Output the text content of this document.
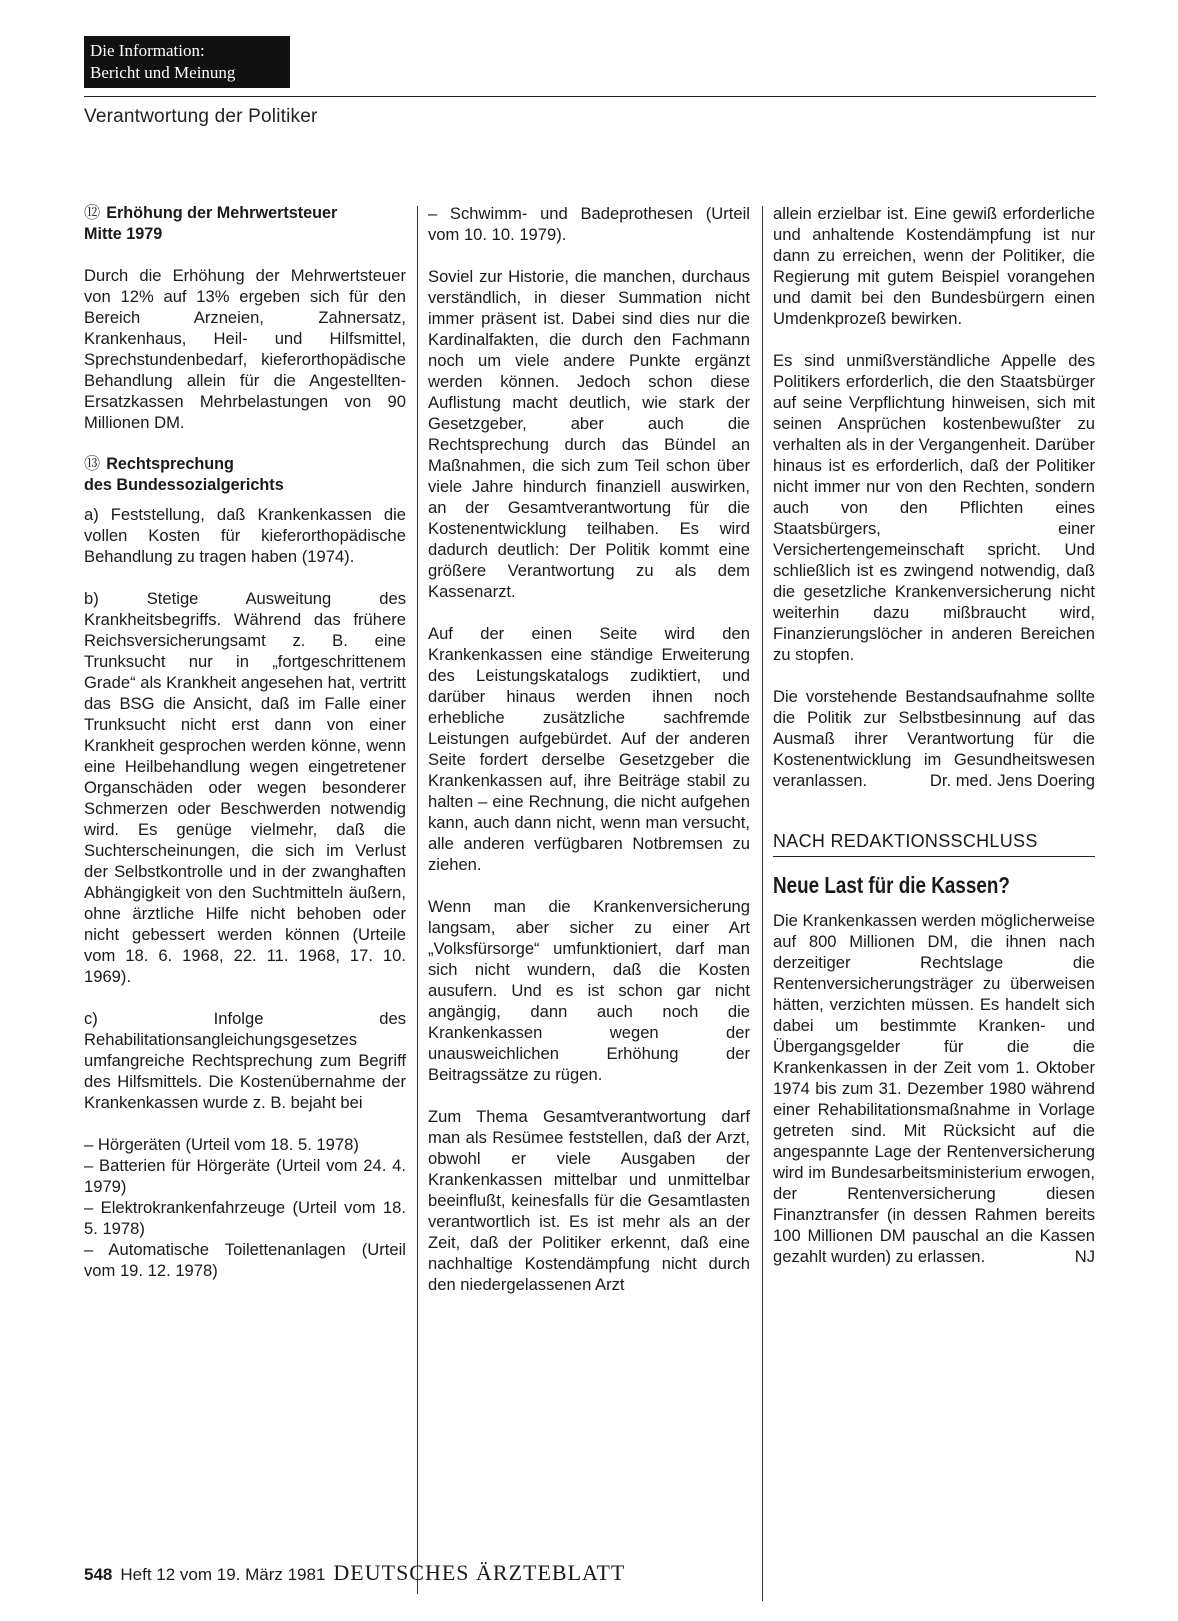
Die Information:
Bericht und Meinung
Verantwortung der Politiker
⑫ Erhöhung der Mehrwertsteuer
Mitte 1979

Durch die Erhöhung der Mehrwertsteuer von 12% auf 13% ergeben sich für den Bereich Arzneien, Zahnersatz, Krankenhaus, Heil- und Hilfsmittel, Sprechstundenbedarf, kieferorthopädische Behandlung allein für die Angestellten-Ersatzkassen Mehrbelastungen von 90 Millionen DM.

⑬ Rechtsprechung
des Bundessozialgerichts

a) Feststellung, daß Krankenkassen die vollen Kosten für kieferorthopädische Behandlung zu tragen haben (1974).

b) Stetige Ausweitung des Krankheitsbegriffs. Während das frühere Reichsversicherungsamt z. B. eine Trunksucht nur in „fortgeschrittenem Grade“ als Krankheit angesehen hat, vertritt das BSG die Ansicht, daß im Falle einer Trunksucht nicht erst dann von einer Krankheit gesprochen werden könne, wenn eine Heilbehandlung wegen eingetretener Organschäden oder wegen besonderer Schmerzen oder Beschwerden notwendig wird. Es genüge vielmehr, daß die Suchterscheinungen, die sich im Verlust der Selbstkontrolle und in der zwanghaften Abhängigkeit von den Suchtmitteln äußern, ohne ärztliche Hilfe nicht behoben oder nicht gebessert werden können (Urteile vom 18. 6. 1968, 22. 11. 1968, 17. 10. 1969).

c) Infolge des Rehabilitationsangleichungsgesetzes umfangreiche Rechtsprechung zum Begriff des Hilfsmittels. Die Kostenübernahme der Krankenkassen wurde z. B. bejaht bei

– Hörgeräten (Urteil vom 18. 5. 1978)
– Batterien für Hörgeräte (Urteil vom 24. 4. 1979)
– Elektrokrankenfahrzeuge (Urteil vom 18. 5. 1978)
– Automatische Toilettenanlagen (Urteil vom 19. 12. 1978)

– Schwimm- und Badeprothesen (Urteil vom 10. 10. 1979).

Soviel zur Historie, die manchen, durchaus verständlich, in dieser Summation nicht immer präsent ist. Dabei sind dies nur die Kardinalfakten, die durch den Fachmann noch um viele andere Punkte ergänzt werden können. Jedoch schon diese Auflistung macht deutlich, wie stark der Gesetzgeber, aber auch die Rechtsprechung durch das Bündel an Maßnahmen, die sich zum Teil schon über viele Jahre hindurch finanziell auswirken, an der Gesamtverantwortung für die Kostenentwicklung teilhaben. Es wird dadurch deutlich: Der Politik kommt eine größere Verantwortung zu als dem Kassenarzt.

Auf der einen Seite wird den Krankenkassen eine ständige Erweiterung des Leistungskatalogs zudiktiert, und darüber hinaus werden ihnen noch erhebliche zusätzliche sachfremde Leistungen aufgebürdet. Auf der anderen Seite fordert derselbe Gesetzgeber die Krankenkassen auf, ihre Beiträge stabil zu halten – eine Rechnung, die nicht aufgehen kann, auch dann nicht, wenn man versucht, alle anderen verfügbaren Notbremsen zu ziehen.

Wenn man die Krankenversicherung langsam, aber sicher zu einer Art „Volksfürsorge“ umfunktioniert, darf man sich nicht wundern, daß die Kosten ausufern. Und es ist schon gar nicht angängig, dann auch noch die Krankenkassen wegen der unausweichlichen Erhöhung der Beitragssätze zu rügen.

Zum Thema Gesamtverantwortung darf man als Resümee feststellen, daß der Arzt, obwohl er viele Ausgaben der Krankenkassen mittelbar und unmittelbar beeinflußt, keinesfalls für die Gesamtlasten verantwortlich ist. Es ist mehr als an der Zeit, daß der Politiker erkennt, daß eine nachhaltige Kostendämpfung nicht durch den niedergelassenen Arzt

allein erzielbar ist. Eine gewiß erforderliche und anhaltende Kostendämpfung ist nur dann zu erreichen, wenn der Politiker, die Regierung mit gutem Beispiel vorangehen und damit bei den Bundesbürgern einen Umdenkprozeß bewirken.

Es sind unmißverständliche Appelle des Politikers erforderlich, die den Staatsbürger auf seine Verpflichtung hinweisen, sich mit seinen Ansprüchen kostenbewußter zu verhalten als in der Vergangenheit. Darüber hinaus ist es erforderlich, daß der Politiker nicht immer nur von den Rechten, sondern auch von den Pflichten eines Staatsbürgers, einer Versichertengemeinschaft spricht. Und schließlich ist es zwingend notwendig, daß die gesetzliche Krankenversicherung nicht weiterhin dazu mißbraucht wird, Finanzierungslöcher in anderen Bereichen zu stopfen.

Die vorstehende Bestandsaufnahme sollte die Politik zur Selbstbesinnung auf das Ausmaß ihrer Verantwortung für die Kostenentwicklung im Gesundheitswesen veranlassen.	Dr. med. Jens Doering

NACH REDAKTIONSSCHLUSS
Neue Last für die Kassen?

Die Krankenkassen werden möglicherweise auf 800 Millionen DM, die ihnen nach derzeitiger Rechtslage die Rentenversicherungsträger zu überweisen hätten, verzichten müssen. Es handelt sich dabei um bestimmte Kranken- und Übergangsgelder für die die Krankenkassen in der Zeit vom 1. Oktober 1974 bis zum 31. Dezember 1980 während einer Rehabilitationsmaßnahme in Vorlage getreten sind. Mit Rücksicht auf die angespannte Lage der Rentenversicherung wird im Bundesarbeitsministerium erwogen, der Rentenversicherung diesen Finanztransfer (in dessen Rahmen bereits 100 Millionen DM pauschal an die Kassen gezahlt wurden) zu erlassen.	NJ

548 Heft 12 vom 19. März 1981 DEUTSCHES ÄRZTEBLATT
